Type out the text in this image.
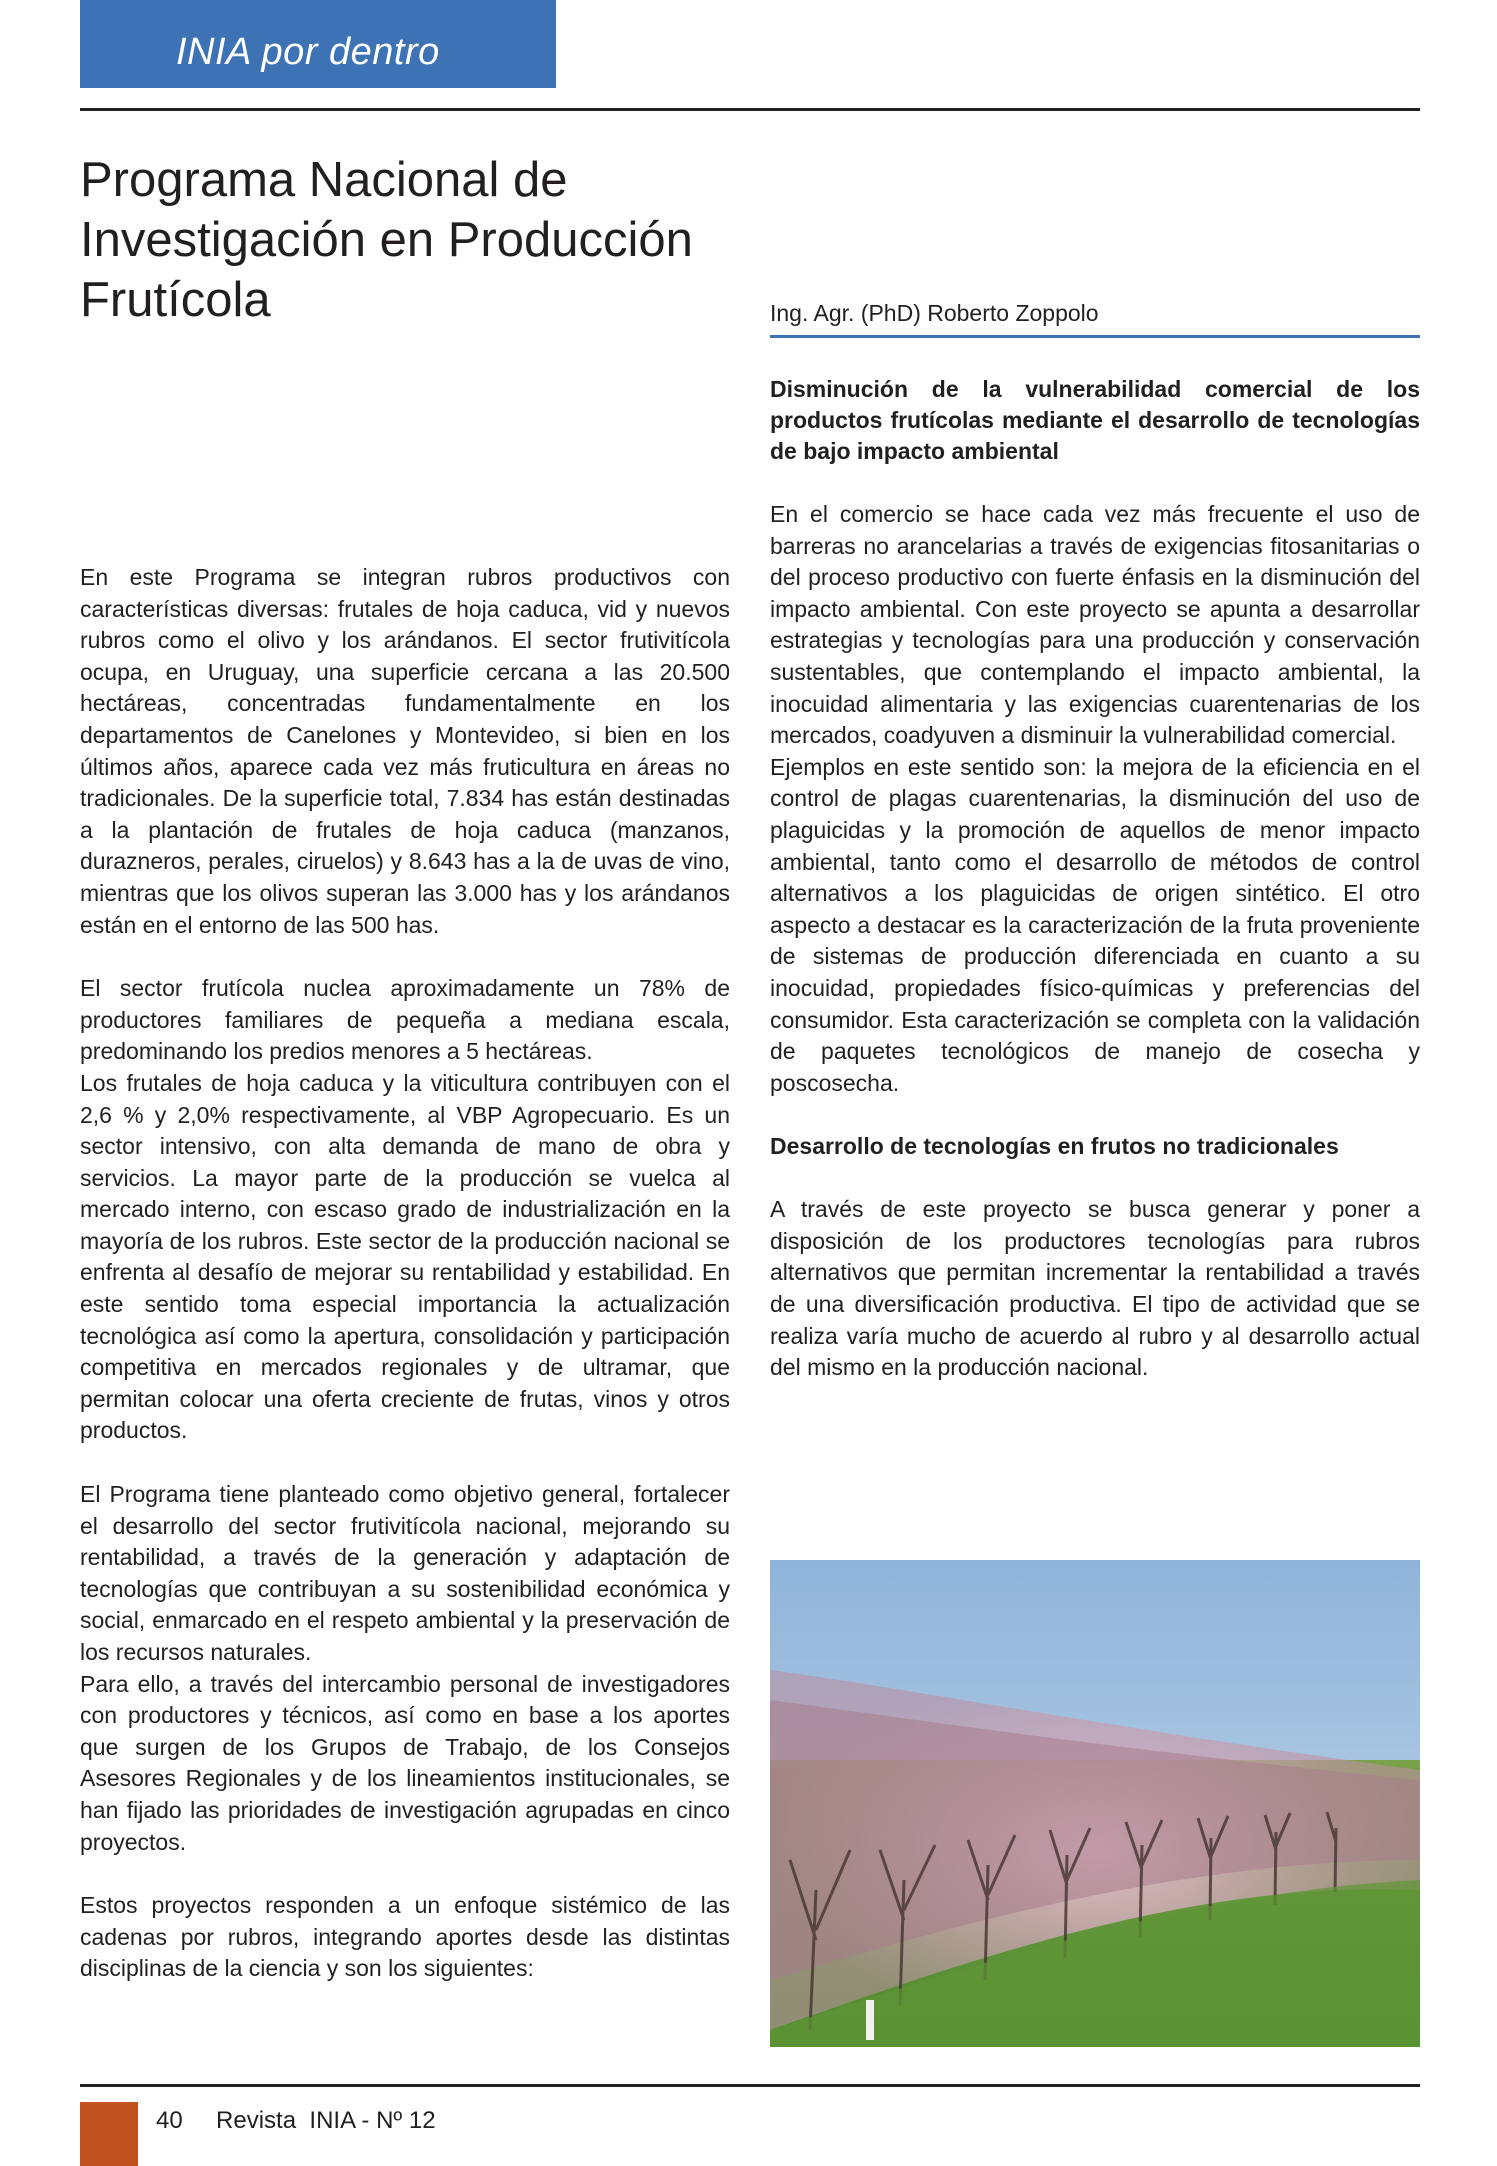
INIA por dentro
Programa Nacional de Investigación en Producción Frutícola	Ing. Agr. (PhD) Roberto Zoppolo

En este Programa se integran rubros productivos con características diversas: frutales de hoja caduca, vid y nuevos rubros como el olivo y los arándanos. El sector frutivitícola ocupa, en Uruguay, una superficie cercana a las 20.500 hectáreas, concentradas fundamentalmente en los departamentos de Canelones y Montevideo, si bien en los últimos años, aparece cada vez más fruticultura en áreas no tradicionales. De la superficie total, 7.834 has están destinadas a la plantación de frutales de hoja caduca (manzanos, durazneros, perales, ciruelos) y 8.643 has a la de uvas de vino, mientras que los olivos superan las 3.000 has y los arándanos están en el entorno de las 500 has.

El sector frutícola nuclea aproximadamente un 78% de productores familiares de pequeña a mediana escala, predominando los predios menores a 5 hectáreas.

Los frutales de hoja caduca y la viticultura contribuyen con el 2,6 % y 2,0% respectivamente, al VBP Agropecuario. Es un sector intensivo, con alta demanda de mano de obra y servicios. La mayor parte de la producción se vuelca al mercado interno, con escaso grado de industrialización en la mayoría de los rubros. Este sector de la producción nacional se enfrenta al desafío de mejorar su rentabilidad y estabilidad. En este sentido toma especial importancia la actualización tecnológica así como la apertura, consolidación y participación competitiva en mercados regionales y de ultramar, que permitan colocar una oferta creciente de frutas, vinos y otros productos.

El Programa tiene planteado como objetivo general, fortalecer el desarrollo del sector frutivitícola nacional, mejorando su rentabilidad, a través de la generación y adaptación de tecnologías que contribuyan a su sostenibilidad económica y social, enmarcado en el respeto ambiental y la preservación de los recursos naturales.

Para ello, a través del intercambio personal de investigadores con productores y técnicos, así como en base a los aportes que surgen de los Grupos de Trabajo, de los Consejos Asesores Regionales y de los lineamientos institucionales, se han fijado las prioridades de investigación agrupadas en cinco proyectos.

Estos proyectos responden a un enfoque sistémico de las cadenas por rubros, integrando aportes desde las distintas disciplinas de la ciencia y son los siguientes:

Disminución de la vulnerabilidad comercial de los productos frutícolas mediante el desarrollo de tecnologías de bajo impacto ambiental

En el comercio se hace cada vez más frecuente el uso de barreras no arancelarias a través de exigencias fitosanitarias o del proceso productivo con fuerte énfasis en la disminución del impacto ambiental. Con este proyecto se apunta a desarrollar estrategias y tecnologías para una producción y conservación sustentables, que contemplando el impacto ambiental, la inocuidad alimentaria y las exigencias cuarentenarias de los mercados, coadyuven a disminuir la vulnerabilidad comercial.

Ejemplos en este sentido son: la mejora de la eficiencia en el control de plagas cuarentenarias, la disminución del uso de plaguicidas y la promoción de aquellos de menor impacto ambiental, tanto como el desarrollo de métodos de control alternativos a los plaguicidas de origen sintético. El otro aspecto a destacar es la caracterización de la fruta proveniente de sistemas de producción diferenciada en cuanto a su inocuidad, propiedades físico-químicas y preferencias del consumidor. Esta caracterización se completa con la validación de paquetes tecnológicos de manejo de cosecha y poscosecha.

Desarrollo de tecnologías en frutos no tradicionales

A través de este proyecto se busca generar y poner a disposición de los productores tecnologías para rubros alternativos que permitan incrementar la rentabilidad a través de una diversificación productiva. El tipo de actividad que se realiza varía mucho de acuerdo al rubro y al desarrollo actual del mismo en la producción nacional.

40 Revista  INIA - Nº 12
